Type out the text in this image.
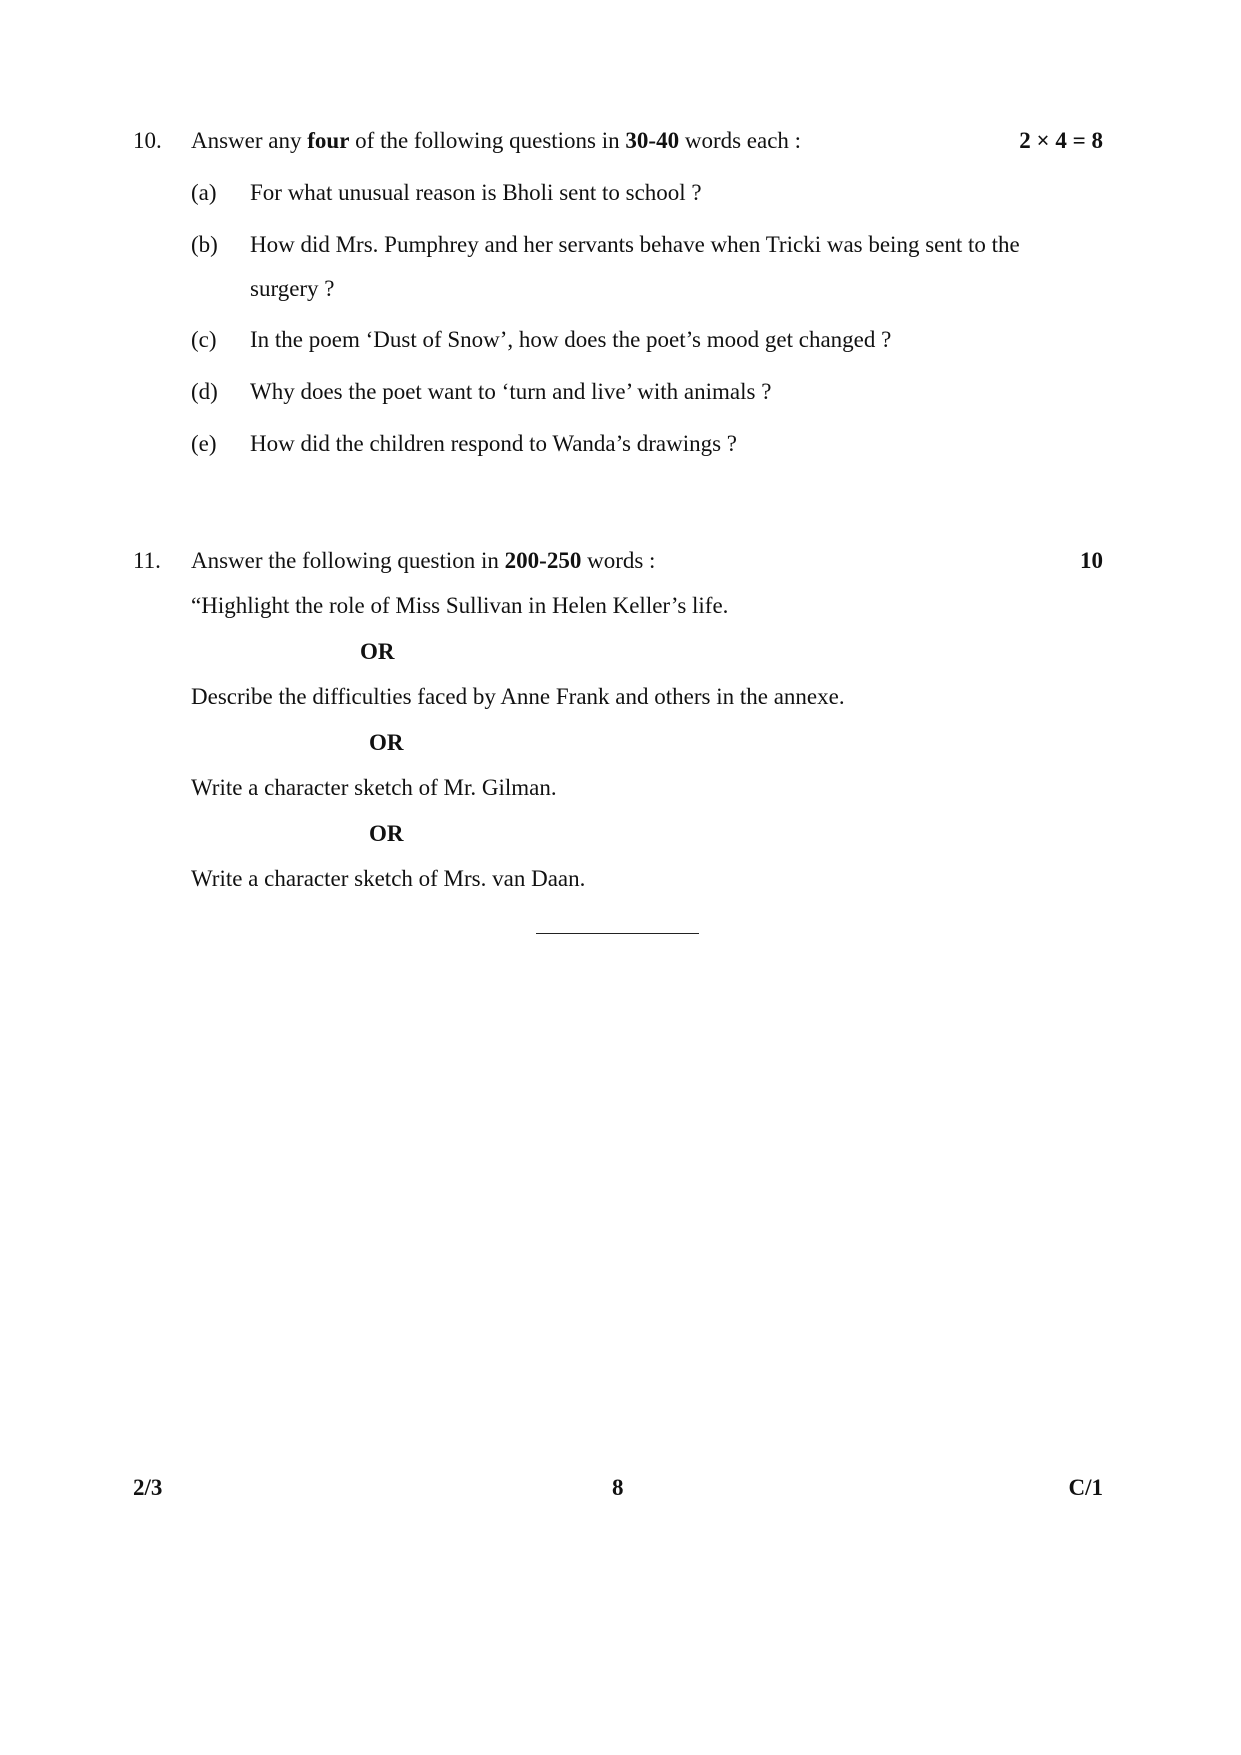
10. Answer any four of the following questions in 30-40 words each :	2 × 4 = 8
(a) For what unusual reason is Bholi sent to school ?
(b) How did Mrs. Pumphrey and her servants behave when Tricki was being sent to the
surgery ?
(c) In the poem ‘Dust of Snow’, how does the poet’s mood get changed ?
(d) Why does the poet want to ‘turn and live’ with animals ?
(e) How did the children respond to Wanda’s drawings ?
11. Answer the following question in 200-250 words :	10
“Highlight the role of Miss Sullivan in Helen Keller’s life.
OR
Describe the difficulties faced by Anne Frank and others in the annexe.
OR
Write a character sketch of Mr. Gilman.
OR
Write a character sketch of Mrs. van Daan.
2/3	8	C/1
